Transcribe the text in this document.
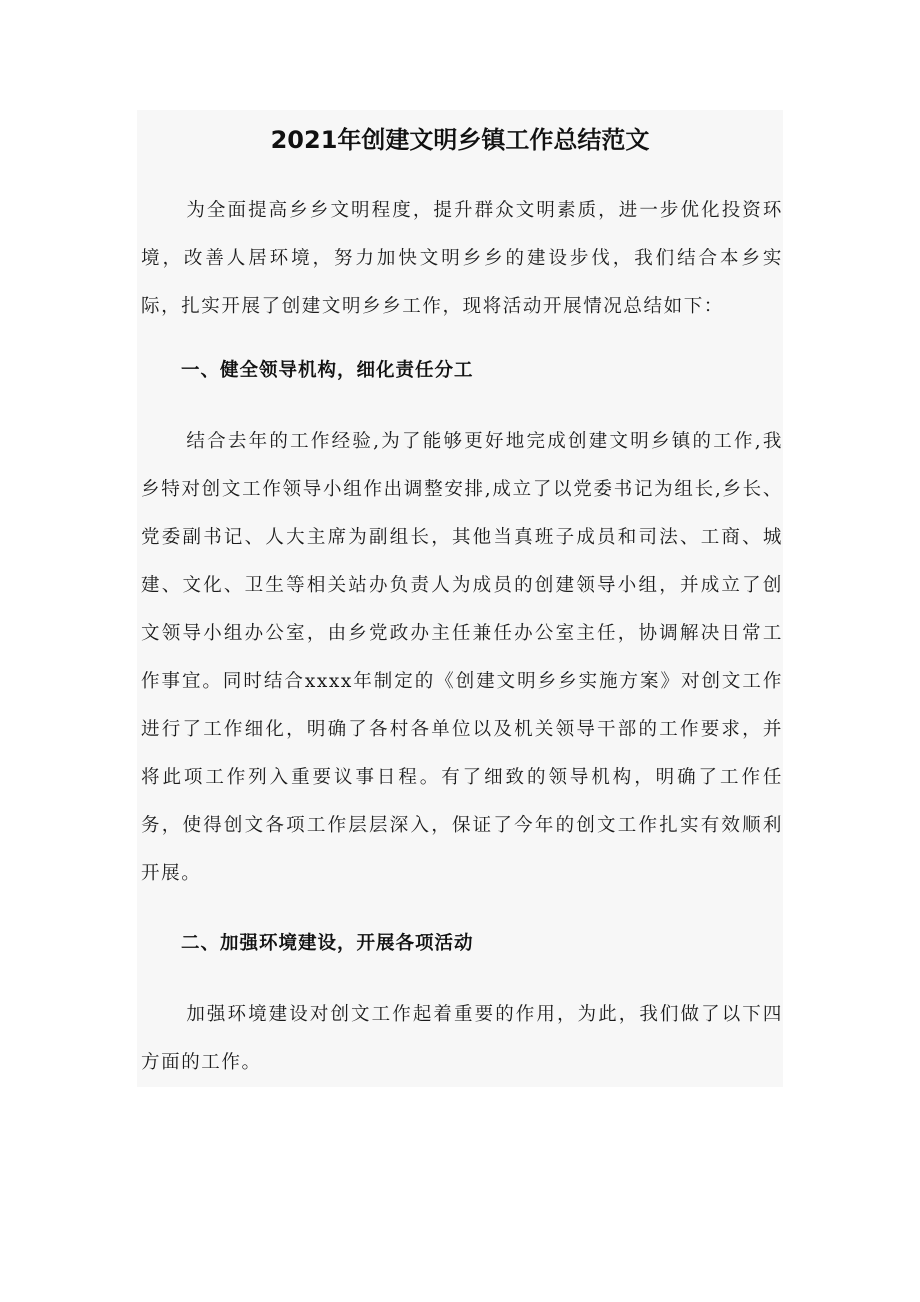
2021年创建文明乡镇工作总结范文

为全面提高乡乡文明程度，提升群众文明素质，进一步优化投资环境，改善人居环境，努力加快文明乡乡的建设步伐，我们结合本乡实际，扎实开展了创建文明乡乡工作，现将活动开展情况总结如下：

一、健全领导机构，细化责任分工

结合去年的工作经验,为了能够更好地完成创建文明乡镇的工作,我乡特对创文工作领导小组作出调整安排,成立了以党委书记为组长,乡长、党委副书记、人大主席为副组长，其他当真班子成员和司法、工商、城建、文化、卫生等相关站办负责人为成员的创建领导小组，并成立了创文领导小组办公室，由乡党政办主任兼任办公室主任，协调解决日常工作事宜。同时结合xxxx年制定的《创建文明乡乡实施方案》对创文工作进行了工作细化，明确了各村各单位以及机关领导干部的工作要求，并将此项工作列入重要议事日程。有了细致的领导机构，明确了工作任务，使得创文各项工作层层深入，保证了今年的创文工作扎实有效顺利开展。

二、加强环境建设，开展各项活动

加强环境建设对创文工作起着重要的作用，为此，我们做了以下四方面的工作。
